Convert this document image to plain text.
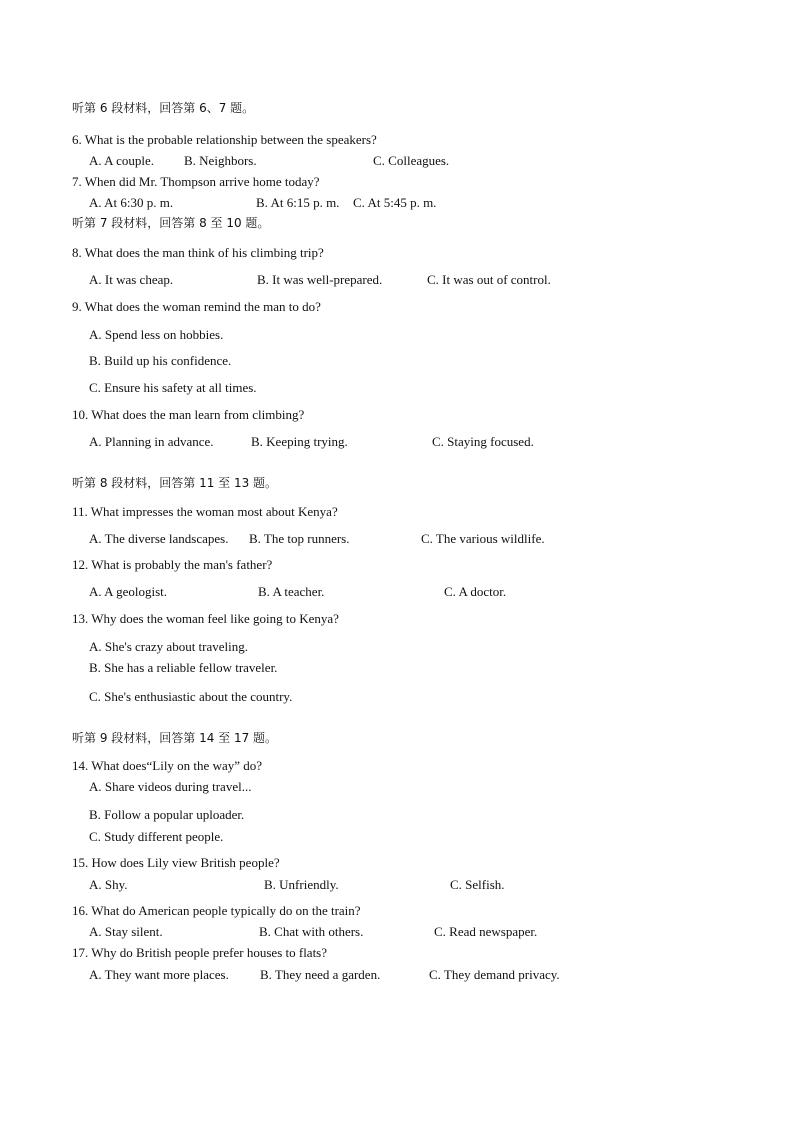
听第 6 段材料，回答第 6、7 题。
6. What is the probable relationship between the speakers?
A. A couple. B. Neighbors.	C. Colleagues.
7. When did Mr. Thompson arrive home today?
A. At 6:30 p. m.	B. At 6:15 p. m. C. At 5:45 p. m.
听第 7 段材料，回答第 8 至 10 题。
8. What does the man think of his climbing trip?
A. It was cheap.	B. It was well-prepared.	C. It was out of control.
9. What does the woman remind the man to do?
A. Spend less on hobbies.
B. Build up his confidence.
C. Ensure his safety at all times.
10. What does the man learn from climbing?
A. Planning in advance.	B. Keeping trying.	C. Staying focused.
听第 8 段材料，回答第 11 至 13 题。
11. What impresses the woman most about Kenya?
A. The diverse landscapes. B. The top runners.	C. The various wildlife.
12. What is probably the man's father?
A. A geologist.	B. A teacher.	C. A doctor.
13. Why does the woman feel like going to Kenya?
A. She's crazy about traveling.
B. She has a reliable fellow traveler.
C. She's enthusiastic about the country.
听第 9 段材料，回答第 14 至 17 题。
14. What does“Lily on the way” do?
A. Share videos during travel...
B. Follow a popular uploader.
C. Study different people.
15. How does Lily view British people?
A. Shy.	B. Unfriendly.	C. Selfish.
16. What do American people typically do on the train?
A. Stay silent.	B. Chat with others.	C. Read newspaper.
17. Why do British people prefer houses to flats?
A. They want more places. B. They need a garden.	C. They demand privacy.
